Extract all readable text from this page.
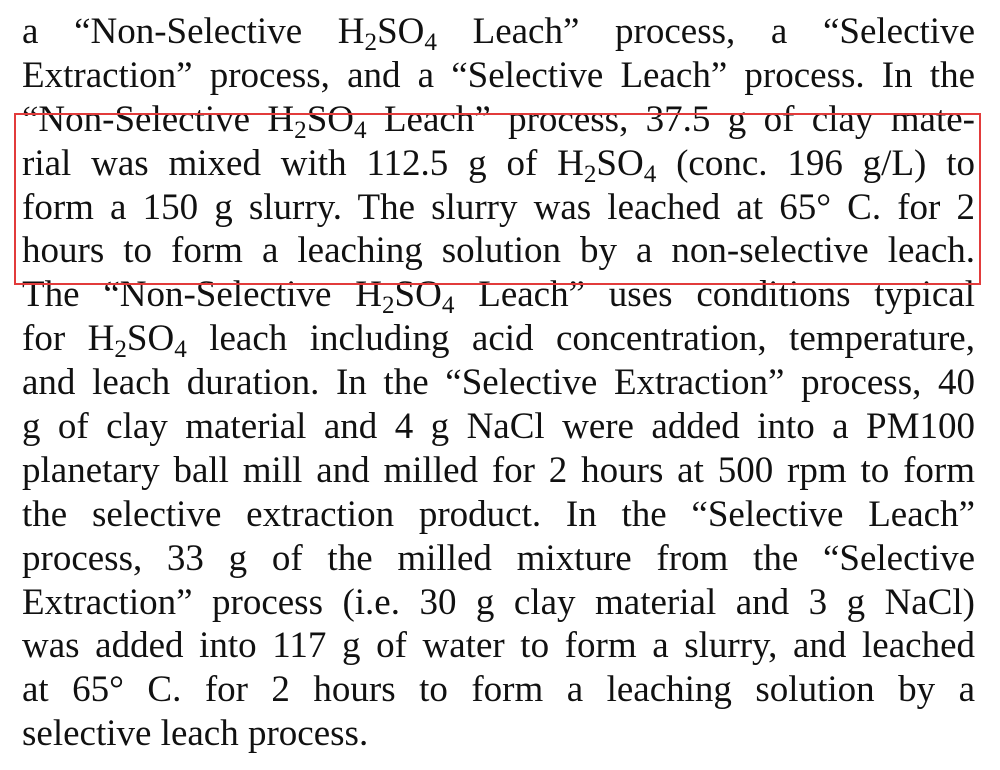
a “Non-Selective H2SO4 Leach” process, a “Selective
Extraction” process, and a “Selective Leach” process. In the
“Non-Selective H2SO4 Leach” process, 37.5 g of clay mate-
rial was mixed with 112.5 g of H2SO4 (conc. 196 g/L) to
form a 150 g slurry. The slurry was leached at 65° C. for 2
hours to form a leaching solution by a non-selective leach.
The “Non-Selective H2SO4 Leach” uses conditions typical
for H2SO4 leach including acid concentration, temperature,
and leach duration. In the “Selective Extraction” process, 40
g of clay material and 4 g NaCl were added into a PM100
planetary ball mill and milled for 2 hours at 500 rpm to form
the selective extraction product. In the “Selective Leach”
process, 33 g of the milled mixture from the “Selective
Extraction” process (i.e. 30 g clay material and 3 g NaCl)
was added into 117 g of water to form a slurry, and leached
at 65° C. for 2 hours to form a leaching solution by a
selective leach process.
